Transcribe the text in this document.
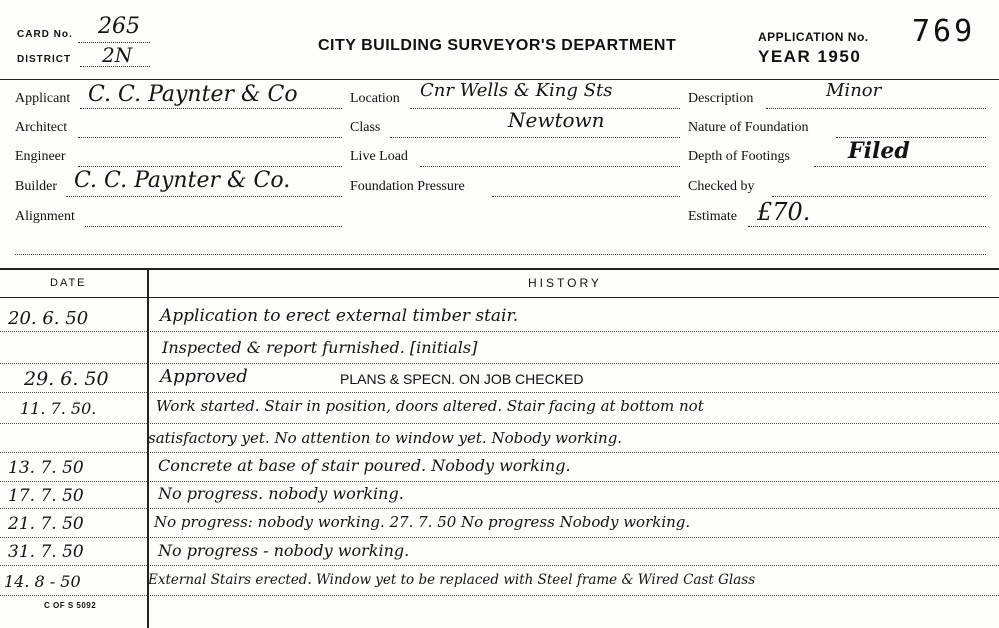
CARD No. 265
DISTRICT 2N	CITY BUILDING SURVEYOR'S DEPARTMENT	APPLICATION No. 769
YEAR 1950
Applicant C. C. Paynter & Co
Architect
Engineer
Builder C. C. Paynter & Co.
Alignment
Location Cnr Wells & King Sts
Class	Newtown
Live Load
Foundation Pressure
Description	Minor
Nature of Foundation
Depth of Footings	Filed
Checked by
Estimate £70.
DATE	HISTORY
20. 6. 50	Application to erect external timber stair.
Inspected & report furnished. [initials]
29. 6. 50	Approved	PLANS & SPECN. ON JOB CHECKED
11. 7. 50.	Work started. Stair in position, doors altered. Stair facing at bottom not
satisfactory yet. No attention to window yet. Nobody working.
13. 7. 50	Concrete at base of stair poured. Nobody working.
17. 7. 50	No progress. nobody working.
21. 7. 50	No progress: nobody working. 27. 7. 50 No progress Nobody working.
31. 7. 50	No progress - nobody working.
14. 8 - 50	External Stairs erected. Window yet to be replaced with Steel frame & Wired Cast Glass
C OF S 5092
